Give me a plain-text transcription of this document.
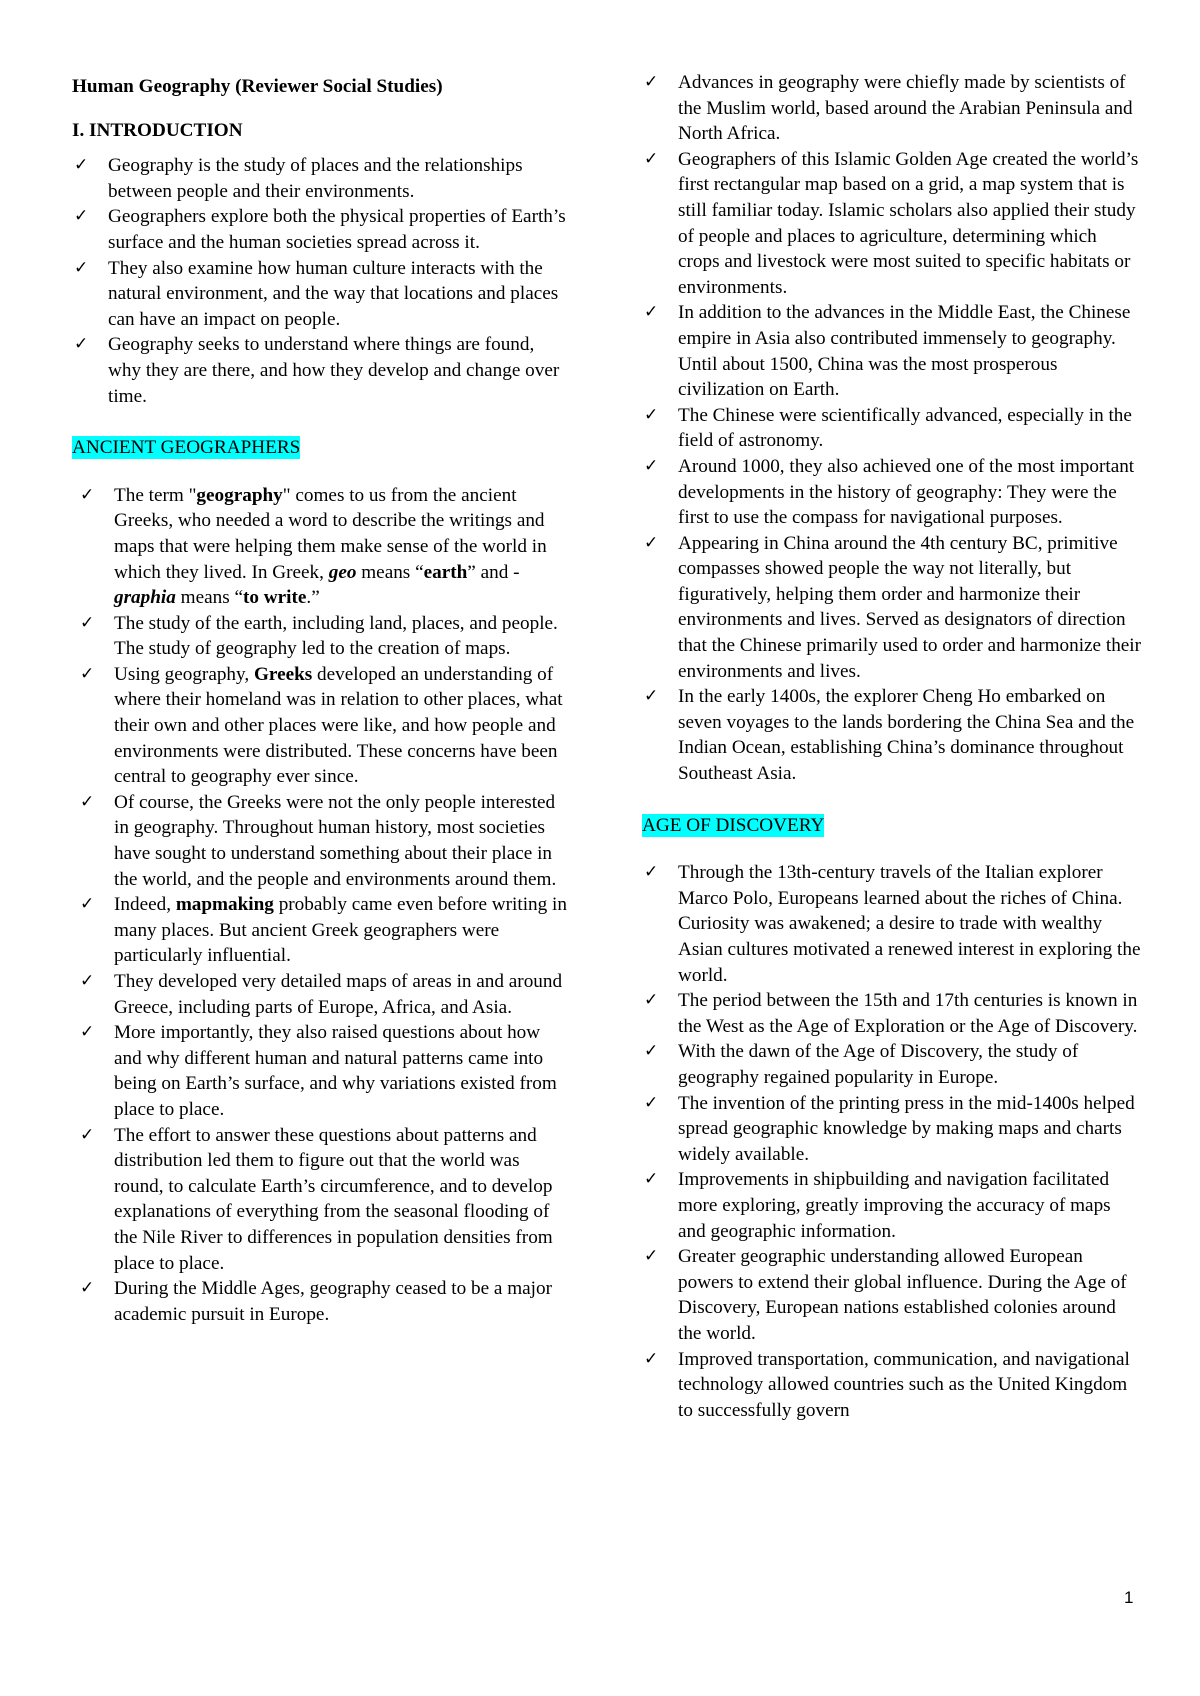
Human Geography (Reviewer Social Studies)
I. INTRODUCTION
✓	Geography is the study of places and the relationships between people and their environments.
✓	Geographers explore both the physical properties of Earth’s surface and the human societies spread across it.
✓	They also examine how human culture interacts with the natural environment, and the way that locations and places can have an impact on people.
✓	Geography seeks to understand where things are found, why they are there, and how they develop and change over time.
ANCIENT GEOGRAPHERS
✓	The term "geography" comes to us from the ancient Greeks, who needed a word to describe the writings and maps that were helping them make sense of the world in which they lived. In Greek, geo means “earth” and -graphia means “to write.”
✓	The study of the earth, including land, places, and people. The study of geography led to the creation of maps.
✓	Using geography, Greeks developed an understanding of where their homeland was in relation to other places, what their own and other places were like, and how people and environments were distributed. These concerns have been central to geography ever since.
✓	Of course, the Greeks were not the only people interested in geography. Throughout human history, most societies have sought to understand something about their place in the world, and the people and environments around them.
✓	Indeed, mapmaking probably came even before writing in many places. But ancient Greek geographers were particularly influential.
✓	They developed very detailed maps of areas in and around Greece, including parts of Europe, Africa, and Asia.
✓	More importantly, they also raised questions about how and why different human and natural patterns came into being on Earth’s surface, and why variations existed from place to place.
✓	The effort to answer these questions about patterns and distribution led them to figure out that the world was round, to calculate Earth’s circumference, and to develop explanations of everything from the seasonal flooding of the Nile River to differences in population densities from place to place.
✓	During the Middle Ages, geography ceased to be a major academic pursuit in Europe.
✓	Advances in geography were chiefly made by scientists of the Muslim world, based around the Arabian Peninsula and North Africa.
✓	Geographers of this Islamic Golden Age created the world’s first rectangular map based on a grid, a map system that is still familiar today. Islamic scholars also applied their study of people and places to agriculture, determining which crops and livestock were most suited to specific habitats or environments.
✓	In addition to the advances in the Middle East, the Chinese empire in Asia also contributed immensely to geography. Until about 1500, China was the most prosperous civilization on Earth.
✓	The Chinese were scientifically advanced, especially in the field of astronomy.
✓	Around 1000, they also achieved one of the most important developments in the history of geography: They were the first to use the compass for navigational purposes.
✓	Appearing in China around the 4th century BC, primitive compasses showed people the way not literally, but figuratively, helping them order and harmonize their environments and lives. Served as designators of direction that the Chinese primarily used to order and harmonize their environments and lives.
✓	In the early 1400s, the explorer Cheng Ho embarked on seven voyages to the lands bordering the China Sea and the Indian Ocean, establishing China’s dominance throughout Southeast Asia.
AGE OF DISCOVERY
✓	Through the 13th-century travels of the Italian explorer Marco Polo, Europeans learned about the riches of China. Curiosity was awakened; a desire to trade with wealthy Asian cultures motivated a renewed interest in exploring the world.
✓	The period between the 15th and 17th centuries is known in the West as the Age of Exploration or the Age of Discovery.
✓	With the dawn of the Age of Discovery, the study of geography regained popularity in Europe.
✓	The invention of the printing press in the mid-1400s helped spread geographic knowledge by making maps and charts widely available.
✓	Improvements in shipbuilding and navigation facilitated more exploring, greatly improving the accuracy of maps and geographic information.
✓	Greater geographic understanding allowed European powers to extend their global influence. During the Age of Discovery, European nations established colonies around the world.
✓	Improved transportation, communication, and navigational technology allowed countries such as the United Kingdom to successfully govern
1
